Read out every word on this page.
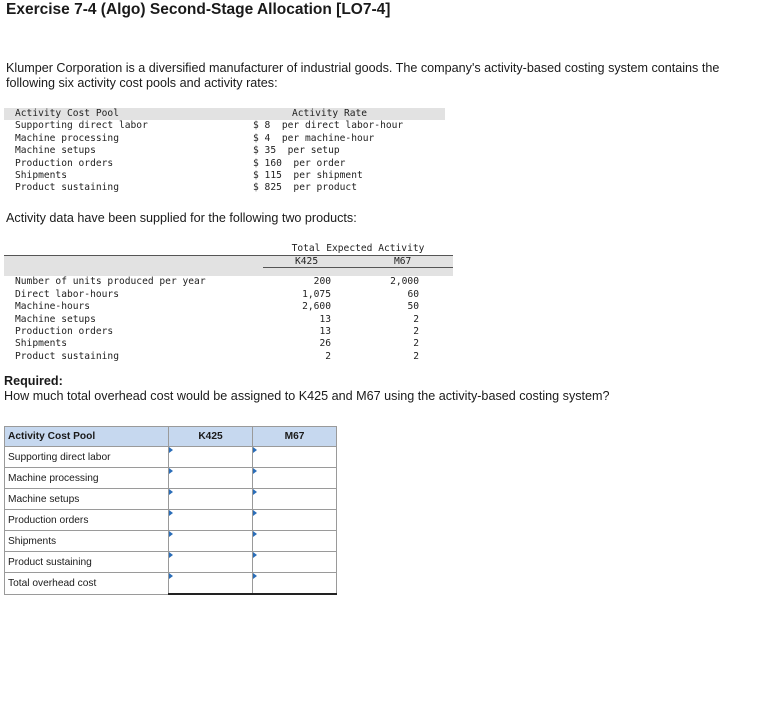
Exercise 7-4 (Algo) Second-Stage Allocation [LO7-4]

Klumper Corporation is a diversified manufacturer of industrial goods. The company's activity-based costing system contains the following six activity cost pools and activity rates:

Activity Cost Pool	Activity Rate
Supporting direct labor	$ 8  per direct labor-hour
Machine processing	$ 4  per machine-hour
Machine setups	$ 35  per setup
Production orders	$ 160  per order
Shipments	$ 115  per shipment
Product sustaining	$ 825  per product

Activity data have been supplied for the following two products:

Total Expected Activity
K425	M67
Number of units produced per year	200	2,000
Direct labor-hours	1,075	60
Machine-hours	2,600	50
Machine setups	13	2
Production orders	13	2
Shipments	26	2
Product sustaining	2	2

Required:

How much total overhead cost would be assigned to K425 and M67 using the activity-based costing system?

Activity Cost Pool	K425	M67
Supporting direct labor		
Machine processing		
Machine setups		
Production orders		
Shipments		
Product sustaining		
Total overhead cost		
